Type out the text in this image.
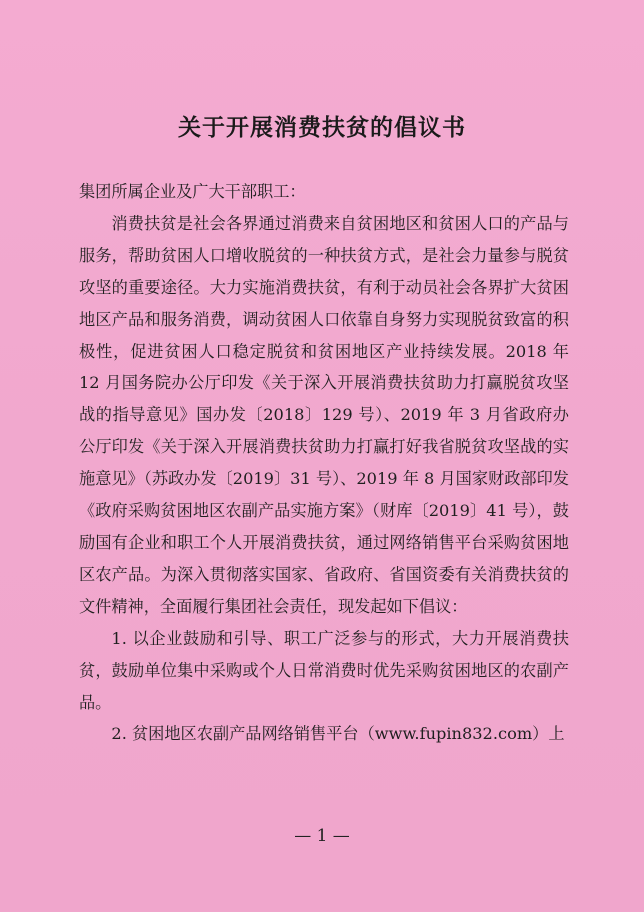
关于开展消费扶贫的倡议书

集团所属企业及广大干部职工：

消费扶贫是社会各界通过消费来自贫困地区和贫困人口的产品与服务，帮助贫困人口增收脱贫的一种扶贫方式，是社会力量参与脱贫攻坚的重要途径。大力实施消费扶贫，有利于动员社会各界扩大贫困地区产品和服务消费，调动贫困人口依靠自身努力实现脱贫致富的积极性，促进贫困人口稳定脱贫和贫困地区产业持续发展。2018 年 12 月国务院办公厅印发《关于深入开展消费扶贫助力打赢脱贫攻坚战的指导意见》国办发〔2018〕129 号）、2019 年 3 月省政府办公厅印发《关于深入开展消费扶贫助力打赢打好我省脱贫攻坚战的实施意见》（苏政办发〔2019〕31 号）、2019 年 8 月国家财政部印发《政府采购贫困地区农副产品实施方案》（财库〔2019〕41 号），鼓励国有企业和职工个人开展消费扶贫，通过网络销售平台采购贫困地区农产品。为深入贯彻落实国家、省政府、省国资委有关消费扶贫的文件精神，全面履行集团社会责任，现发起如下倡议：

1. 以企业鼓励和引导、职工广泛参与的形式，大力开展消费扶贫，鼓励单位集中采购或个人日常消费时优先采购贫困地区的农副产品。

2. 贫困地区农副产品网络销售平台（www.fupin832.com）上

— 1 —
